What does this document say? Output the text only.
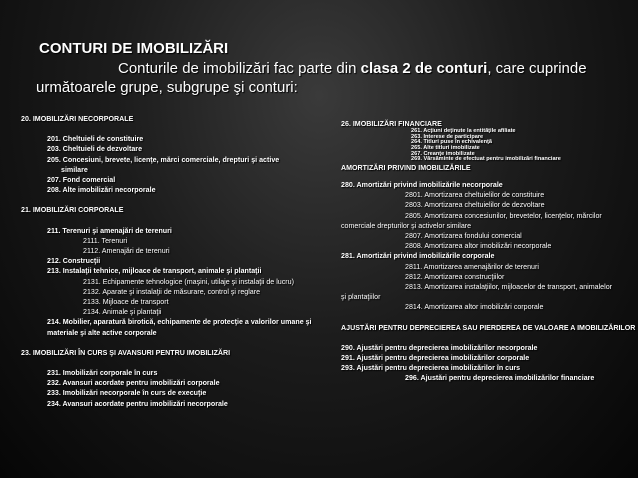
CONTURI DE IMOBILIZĂRI
Conturile de imobilizări fac parte din clasa 2 de conturi, care cuprinde următoarele grupe, subgrupe şi conturi:
20. IMOBILIZĂRI NECORPORALE
201. Cheltuieli de constituire
203. Cheltuieli de dezvoltare
205. Concesiuni, brevete, licenţe, mărci comerciale, drepturi şi active
similare
207. Fond comercial
208. Alte imobilizări necorporale
21. IMOBILIZĂRI CORPORALE
211. Terenuri şi amenajări de terenuri
2111. Terenuri
2112. Amenajări de terenuri
212. Construcţii
213. Instalaţii tehnice, mijloace de transport, animale şi plantaţii
2131. Echipamente tehnologice (maşini, utilaje şi instalaţii de lucru)
2132. Aparate şi instalaţii de măsurare, control şi reglare
2133. Mijloace de transport
2134. Animale şi plantaţii
214. Mobilier, aparatură birotică, echipamente de protecţie a valorilor umane şi
materiale şi alte active corporale
23. IMOBILIZĂRI ÎN CURS ŞI AVANSURI PENTRU IMOBILIZĂRI
231. Imobilizări corporale în curs
232. Avansuri acordate pentru imobilizări corporale
233. Imobilizări necorporale în curs de execuţie
234. Avansuri acordate pentru imobilizări necorporale
26. IMOBILIZĂRI FINANCIARE
261. Acţiuni deţinute la entităţile afiliate
263. Interese de participare
264. Titluri puse în echivalenţă
265. Alte titluri imobilizate
267. Creanţe imobilizate
269. Vărsăminte de efectuat pentru imobilizări financiare
AMORTIZĂRI PRIVIND IMOBILIZĂRILE
280. Amortizări privind imobilizările necorporale
2801. Amortizarea cheltuielilor de constituire
2803. Amortizarea cheltuielilor de dezvoltare
2805. Amortizarea concesiunilor, brevetelor, licenţelor, mărcilor
comerciale drepturilor şi activelor similare
2807. Amortizarea fondului comercial
2808. Amortizarea altor imobilizări necorporale
281. Amortizări privind imobilizările corporale
2811. Amortizarea amenajărilor de terenuri
2812. Amortizarea construcţiilor
2813. Amortizarea instalaţiilor, mijloacelor de transport, animalelor
şi plantaţiilor
2814. Amortizarea altor imobilizări corporale
AJUSTĂRI PENTRU DEPRECIEREA SAU PIERDEREA DE VALOARE A IMOBILIZĂRILOR
290. Ajustări pentru deprecierea imobilizărilor necorporale
291. Ajustări pentru deprecierea imobilizărilor corporale
293. Ajustări pentru deprecierea imobilizărilor în curs
296. Ajustări pentru deprecierea imobilizărilor financiare
